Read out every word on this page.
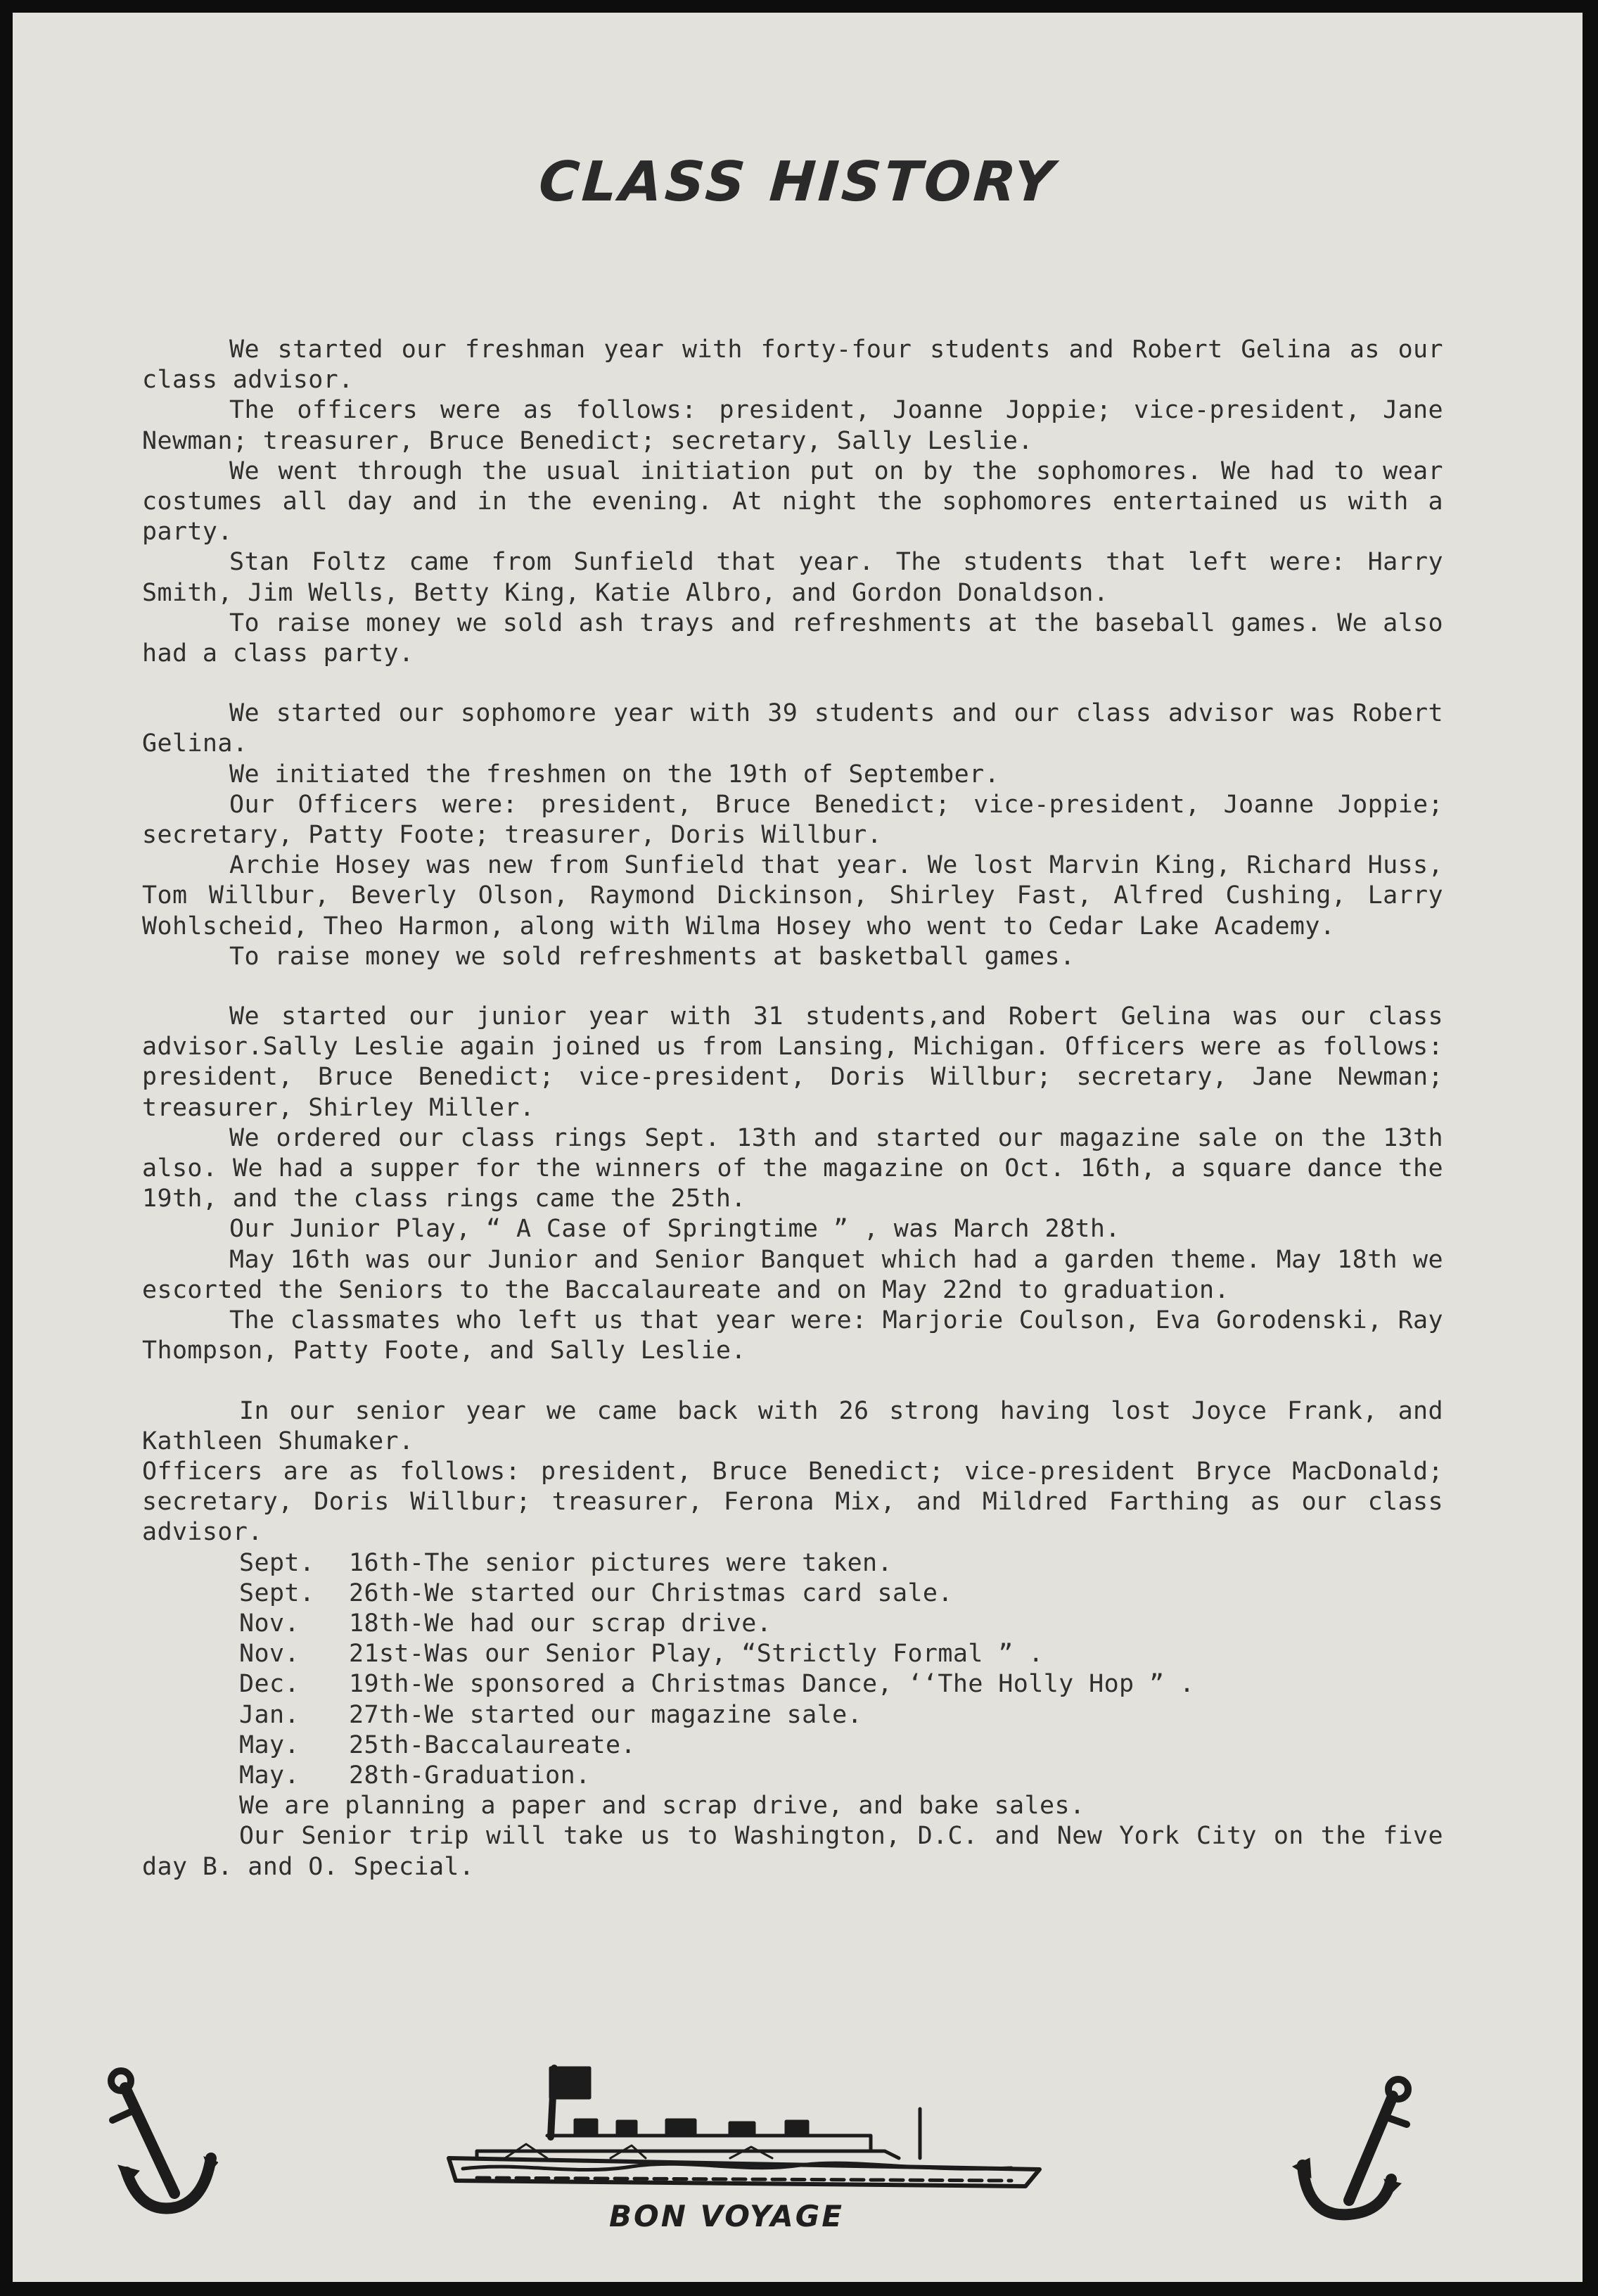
CLASS HISTORY

We started our freshman year with forty-four students and Robert Gelina as our class advisor.

The officers were as follows: president, Joanne Joppie; vice-president, Jane Newman; treasurer, Bruce Benedict; secretary, Sally Leslie.

We went through the usual initiation put on by the sophomores. We had to wear costumes all day and in the evening. At night the sophomores entertained us with a party.

Stan Foltz came from Sunfield that year. The students that left were: Harry Smith, Jim Wells, Betty King, Katie Albro, and Gordon Donaldson.

To raise money we sold ash trays and refreshments at the baseball games. We also had a class party.

We started our sophomore year with 39 students and our class advisor was Robert Gelina.

We initiated the freshmen on the 19th of September.

Our Officers were: president, Bruce Benedict; vice-president, Joanne Joppie; secretary, Patty Foote; treasurer, Doris Willbur.

Archie Hosey was new from Sunfield that year. We lost Marvin King, Richard Huss, Tom Willbur, Beverly Olson, Raymond Dickinson, Shirley Fast, Alfred Cushing, Larry Wohlscheid, Theo Harmon, along with Wilma Hosey who went to Cedar Lake Academy.

To raise money we sold refreshments at basketball games.

We started our junior year with 31 students,and Robert Gelina was our class advisor.Sally Leslie again joined us from Lansing, Michigan. Officers were as follows: president, Bruce Benedict; vice-president, Doris Willbur; secretary, Jane Newman; treasurer, Shirley Miller.

We ordered our class rings Sept. 13th and started our magazine sale on the 13th also. We had a supper for the winners of the magazine on Oct. 16th, a square dance the 19th, and the class rings came the 25th.

Our Junior Play, “ A Case of Springtime ” , was March 28th.

May 16th was our Junior and Senior Banquet which had a garden theme. May 18th we escorted the Seniors to the Baccalaureate and on May 22nd to graduation.

The classmates who left us that year were: Marjorie Coulson, Eva Gorodenski, Ray Thompson, Patty Foote, and Sally Leslie.

In our senior year we came back with 26 strong having lost Joyce Frank, and Kathleen Shumaker.

Officers are as follows: president, Bruce Benedict; vice-president Bryce MacDonald; secretary, Doris Willbur; treasurer, Ferona Mix, and Mildred Farthing as our class advisor.

Sept.	16th-The senior pictures were taken.
Sept.	26th-We started our Christmas card sale.
Nov.	18th-We had our scrap drive.
Nov.	21st-Was our Senior Play, “Strictly Formal ” .
Dec.	19th-We sponsored a Christmas Dance, ‘‘The Holly Hop ” .
Jan.	27th-We started our magazine sale.
May.	25th-Baccalaureate.
May.	28th-Graduation.

We are planning a paper and scrap drive, and bake sales.

Our Senior trip will take us to Washington, D.C. and New York City on the five day B. and O. Special.

BON VOYAGE
